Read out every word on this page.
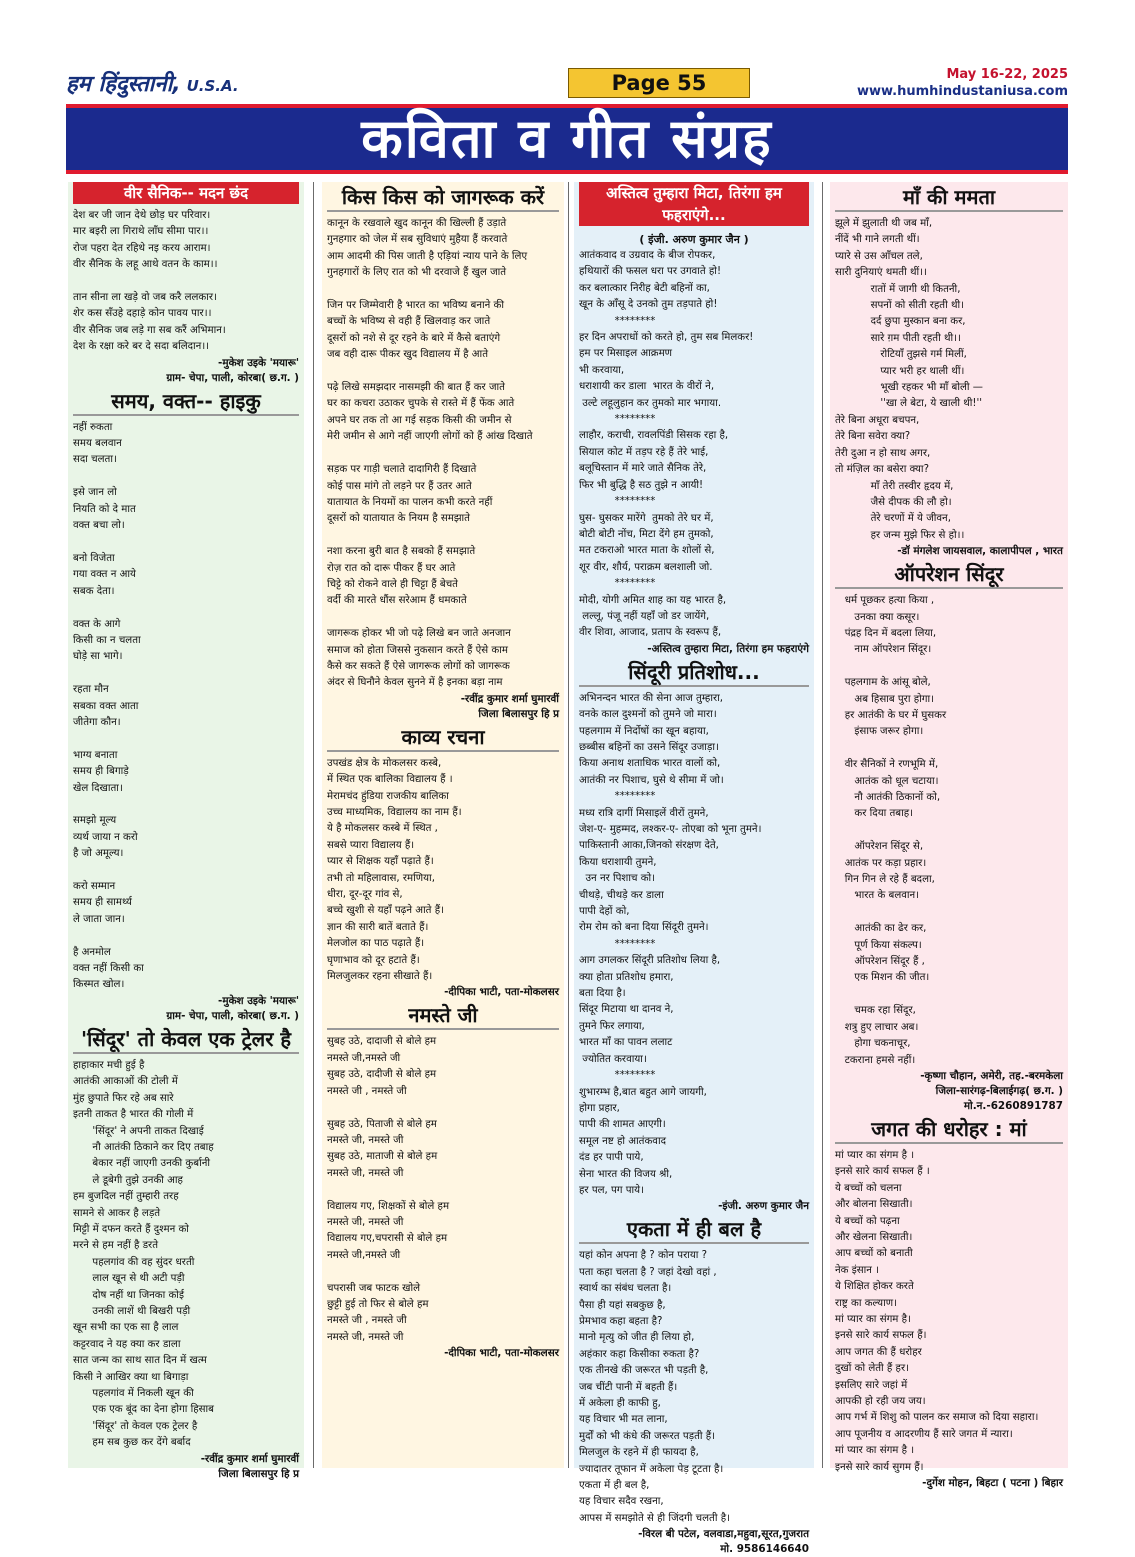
हम हिंदुस्तानी, U.S.A.	Page 55	May 16-22, 2025
www.humhindustaniusa.com
कविता व गीत संग्रह
वीर सैनिक-- मदन छंद
देश बर जी जान देथे छोड़ घर परिवार।
मार बइरी ला गिराथे लाँघ सीमा पार।।
रोज पहरा देत रहिथे नइ करय आराम।
वीर सैनिक के लहू आथे वतन के काम।।

तान सीना ला खड़े वो जब करै ललकार।
शेर कस सँउहे दहाड़े कोन पावय पार।।
वीर सैनिक जब लड़े गा सब करैं अभिमान।
देश के रक्षा करे बर दे सदा बलिदान।।
-मुकेश उइके 'मयारू'
ग्राम- चेपा, पाली, कोरबा( छ.ग. )
समय, वक्त-- हाइकु
नहीं रुकता
समय बलवान
सदा चलता।

इसे जान लो
नियति को दे मात
वक्त बचा लो।

बनो विजेता
गया वक्त न आये
सबक देता।

वक्त के आगे
किसी का न चलता
घोड़े सा भागे।

रहता मौन
सबका वक्त आता
जीतेगा कौन।

भाग्य बनाता
समय ही बिगाड़े
खेल दिखाता।

समझो मूल्य
व्यर्थ जाया न करो
है जो अमूल्य।

करो सम्मान
समय ही सामर्थ्य
ले जाता जान।

है अनमोल
वक्त नहीं किसी का
किस्मत खोल।
-मुकेश उइके 'मयारू'
ग्राम- चेपा, पाली, कोरबा( छ.ग. )
'सिंदूर' तो केवल एक ट्रेलर है
हाहाकार मची हुई है
आतंकी आकाओं की टोली में
मुंह छुपाते फिर रहे अब सारे
इतनी ताकत है भारत की गोली में
'सिंदूर' ने अपनी ताकत दिखाई
नौ आतंकी ठिकाने कर दिए तबाह
बेकार नहीं जाएगी उनकी कुर्बानी
ले डूबेगी तुझे उनकी आह
हम बुजदिल नहीं तुम्हारी तरह
सामने से आकर है लड़ते
मिट्टी में दफन करते हैं दुश्मन को
मरने से हम नहीं है डरते
पहलगांव की वह सुंदर धरती
लाल खून से थी अटी पड़ी
दोष नहीं था जिनका कोई
उनकी लाशें थी बिखरी पड़ी
खून सभी का एक सा है लाल
कट्टरवाद ने यह क्या कर डाला
सात जन्म का साथ सात दिन में खत्म
किसी ने आखिर क्या था बिगाड़ा
पहलगांव में निकली खून की
एक एक बूंद का देना होगा हिसाब
'सिंदूर' तो केवल एक ट्रेलर है
हम सब कुछ कर देंगे बर्बाद
-रवींद्र कुमार शर्मा घुमारवीं
जिला बिलासपुर हि प्र
किस किस को जागरूक करें
कानून के रखवाले खुद कानून की खिल्ली हैं उड़ाते
गुनहगार को जेल में सब सुविधाएं मुहैया हैं करवाते
आम आदमी की पिस जाती है एड़ियां न्याय पाने के लिए
गुनहगारों के लिए रात को भी दरवाजे हैं खुल जाते

जिन पर जिम्मेवारी है भारत का भविष्य बनाने की
बच्चों के भविष्य से वही हैं खिलवाड़ कर जाते
दूसरों को नशे से दूर रहने के बारे में कैसे बताएंगे
जब वही दारू पीकर खुद विद्यालय में है आते

पढ़े लिखे समझदार नासमझी की बात हैं कर जाते
घर का कचरा उठाकर चुपके से रास्ते में हैं फेंक आते
अपने घर तक तो आ गई सड़क किसी की जमीन से
मेरी जमीन से आगे नहीं जाएगी लोगों को हैं आंख दिखाते

सड़क पर गाड़ी चलाते दादागिरी हैं दिखाते
कोई पास मांगे तो लड़ने पर हैं उतर आते
यातायात के नियमों का पालन कभी करते नहीं
दूसरों को यातायात के नियम है समझाते

नशा करना बुरी बात है सबको हैं समझाते
रोज़ रात को दारू पीकर हैं घर आते
चिट्टे को रोकने वाले ही चिट्टा हैं बेचते
वर्दी की मारते धौंस सरेआम हैं धमकाते

जागरूक होकर भी जो पढ़े लिखे बन जाते अनजान
समाज को होता जिससे नुकसान करते हैं ऐसे काम
कैसे कर सकते हैं ऐसे जागरूक लोगों को जागरूक
अंदर से घिनौने केवल सुनने में है इनका बड़ा नाम
-रवींद्र कुमार शर्मा घुमारवीं
जिला बिलासपुर हि प्र
काव्य रचना
उपखंड क्षेत्र के मोकलसर कस्बे,
में स्थित एक बालिका विद्यालय हैं ।
मेरामचंद हुंडिया राजकीय बालिका
उच्च माध्यमिक, विद्यालय का नाम हैं।
ये है मोकलसर कस्बे में स्थित ,
सबसे प्यारा विद्यालय हैं।
प्यार से शिक्षक यहाँ पढ़ाते हैं।
तभी तो महिलावास, रमणिया,
धीरा, दूर-दूर गांव से,
बच्चे खुशी से यहाँ पढ़ने आते हैं।
ज्ञान की सारी बातें बताते हैं।
मेलजोल का पाठ पढ़ाते हैं।
घृणाभाव को दूर हटाते हैं।
मिलजुलकर रहना सीखाते हैं।
-दीपिका भाटी, पता-मोकलसर
नमस्ते जी
सुबह उठे, दादाजी से बोले हम
नमस्ते जी,नमस्ते जी
सुबह उठे, दादीजी से बोले हम
नमस्ते जी , नमस्ते जी

सुबह उठे, पिताजी से बोले हम
नमस्ते जी, नमस्ते जी
सुबह उठे, माताजी से बोले हम
नमस्ते जी, नमस्ते जी

विद्यालय गए, शिक्षकों से बोले हम
नमस्ते जी, नमस्ते जी
विद्यालय गए,चपरासी से बोले हम
नमस्ते जी,नमस्ते जी

चपरासी जब फाटक खोले
छुट्टी हुई तो फिर से बोले हम
नमस्ते जी , नमस्ते जी
नमस्ते जी, नमस्ते जी
-दीपिका भाटी, पता-मोकलसर
अस्तित्व तुम्हारा मिटा, तिरंगा हम फहराएंगे...
( इंजी. अरुण कुमार जैन )
आतंकवाद व उग्रवाद के बीज रोपकर,
हथियारों की फसल धरा पर उगवाते हो!
कर बलात्कार निरीह बेटी बहिनों का,
खून के आँसू दे उनको तुम तड़पाते हो!
********
हर दिन अपराधों को करते हो, तुम सब मिलकर!
हम पर मिसाइल आक्रमण
भी करवाया,
धराशायी कर डाला  भारत के वीरों ने,
उल्टे लहूलुहान कर तुमको मार भगाया.
********
लाहौर, कराची, रावलपिंडी सिसक रहा है,
सियाल कोट में तड़प रहे हैं तेरे भाई,
बलूचिस्तान में मारे जाते सैनिक तेरे,
फिर भी बुद्धि है सठ तुझे न आयी!
********
घुस- घुसकर मारेंगे  तुमको तेरे घर में,
बोटी बोटी नोंच, मिटा देंगे हम तुमको,
मत टकराओ भारत माता के शोलों से,
शूर वीर, शौर्य, पराक्रम बलशाली जो.
********
मोदी, योगी अमित शाह का यह भारत है,
लल्लू, पंजू नहीं यहाँ जो डर जायेंगे,
वीर शिवा, आजाद, प्रताप के स्वरूप हैं,
-अस्तित्व तुम्हारा मिटा, तिरंगा हम फहराएंगे
सिंदूरी प्रतिशोध...
अभिनन्दन भारत की सेना आज तुम्हारा,
वनके काल दुश्मनों को तुमने जो मारा।
पहलगाम में निर्दोषों का खून बहाया,
छब्बीस बहिनों का उसने सिंदूर उजाड़ा।
किया अनाथ शताधिक भारत वालों को,
आतंकी नर पिशाच, घुसे थे सीमा में जो।
********
मध्य रात्रि दागीं मिसाइलें वीरों तुमने,
जेश-ए- मुहम्मद, लश्कर-ए- तोएबा को भूना तुमने।
पाकिस्तानी आका,जिनको संरक्षण देते,
किया धराशायी तुमने,
उन नर पिशाच को।
चीथड़े, चीथड़े कर डाला
पापी देहों को,
रोम रोम को बना दिया सिंदूरी तुमने।
********
आग उगलकर सिंदूरी प्रतिशोध लिया है,
क्या होता प्रतिशोध हमारा,
बता दिया है।
सिंदूर मिटाया था दानव ने,
तुमने फिर लगाया,
भारत माँ का पावन ललाट
ज्योतित करवाया।
********
शुभारम्भ है,बात बहुत आगे जायगी,
होगा प्रहार,
पापी की शामत आएगी।
समूल नष्ट हो आतंकवाद
दंड हर पापी पाये,
सेना भारत की विजय श्री,
हर पल, पग पाये।
-इंजी. अरुण कुमार जैन
एकता में ही बल है
यहां कोन अपना है ? कोन पराया ?
पता कहा चलता है ? जहां देखो वहां ,
स्वार्थ का संबंध चलता है।
पैसा ही यहां सबकुछ है,
प्रेमभाव कहा बहता है?
मानो मृत्यु को जीत ही लिया हो,
अहंकार कहा किसीका रुकता है?
एक तीनखे की जरूरत भी पड़ती है,
जब चींटी पानी में बहती हैं।
में अकेला ही काफी हु,
यह विचार भी मत लाना,
मुर्दों को भी कंधे की जरूरत पड़ती हैं।
मिलजुल के रहने में ही फायदा है,
ज्यादातर तूफान में अकेला पेड़ टूटता है।
एकता में ही बल है,
यह विचार सदैव रखना,
आपस में समझोते से ही जिंदगी चलती है।
-विरल बी पटेल, वलवाडा,महुवा,सूरत,गुजरात
मो. 9586146640
माँ की ममता
झूले में झुलाती थी जब माँ,
नींदें भी गाने लगती थीं।
प्यारे से उस आँचल तले,
सारी दुनियाएं थमती थीं।।
रातों में जागी थी कितनी,
सपनों को सीती रहती थी।
दर्द छुपा मुस्कान बना कर,
सारे ग़म पीती रहती थी।।
रोटियाँ तुझसे गर्म मिलीं,
प्यार भरी हर थाली थीं।
भूखी रहकर भी माँ बोली —
''खा ले बेटा, ये खाली थी!''
तेरे बिना अधूरा बचपन,
तेरे बिना सवेरा क्या?
तेरी दुआ न हो साथ अगर,
तो मंज़िल का बसेरा क्या?
माँ तेरी तस्वीर हृदय में,
जैसे दीपक की लौ हो।
तेरे चरणों में ये जीवन,
हर जन्म मुझे फिर से हो।।
-डॉ मंगलेश जायसवाल, कालापीपल , भारत
ऑपरेशन सिंदूर
धर्म पूछकर हत्या किया ,
उनका क्या कसूर।
पंद्रह दिन में बदला लिया,
नाम ऑपरेशन सिंदूर।

पहलगाम के आंसू बोले,
अब हिसाब पुरा होगा।
हर आतंकी के घर में घुसकर
इंसाफ जरूर होगा।

वीर सैनिकों ने रणभूमि में,
आतंक को धूल चटाया।
नौ आतंकी ठिकानों को,
कर दिया तबाह।

ऑपरेशन सिंदूर से,
आतंक पर कड़ा प्रहार।
गिन गिन ले रहे हैं बदला,
भारत के बलवान।

आतंकी का ढेर कर,
पूर्ण किया संकल्प।
ऑपरेशन सिंदूर हैं ,
एक मिशन की जीत।

चमक रहा सिंदूर,
शत्रु हुए लाचार अब।
होगा चकनाचूर,
टकराना हमसे नहीं।
-कृष्णा चौहान, अमेरी, तह.-बरमकेला
जिला-सारंगढ़-बिलाईगढ़( छ.ग. )
मो.न.-6260891787
जगत की धरोहर : मां
मां प्यार का संगम है ।
इनसे सारे कार्य सफल हैं ।
ये बच्चों को चलना
और बोलना सिखाती।
ये बच्चों को पढ़ना
और खेलना सिखाती।
आप बच्चों को बनाती
नेक इंसान ।
ये शिक्षित होकर करते
राष्ट्र का कल्याण।
मां प्यार का संगम है।
इनसे सारे कार्य सफल हैं।
आप जगत की हैं धरोहर
दुखों को लेती हैं हर।
इसलिए सारे जहां में
आपकी हो रही जय जय।
आप गर्भ में शिशु को पालन कर समाज को दिया सहारा।
आप पूजनीय व आदरणीय हैं सारे जगत में न्यारा।
मां प्यार का संगम है ।
इनसे सारे कार्य सुगम हैं।
-दुर्गेश मोहन, बिहटा ( पटना ) बिहार
